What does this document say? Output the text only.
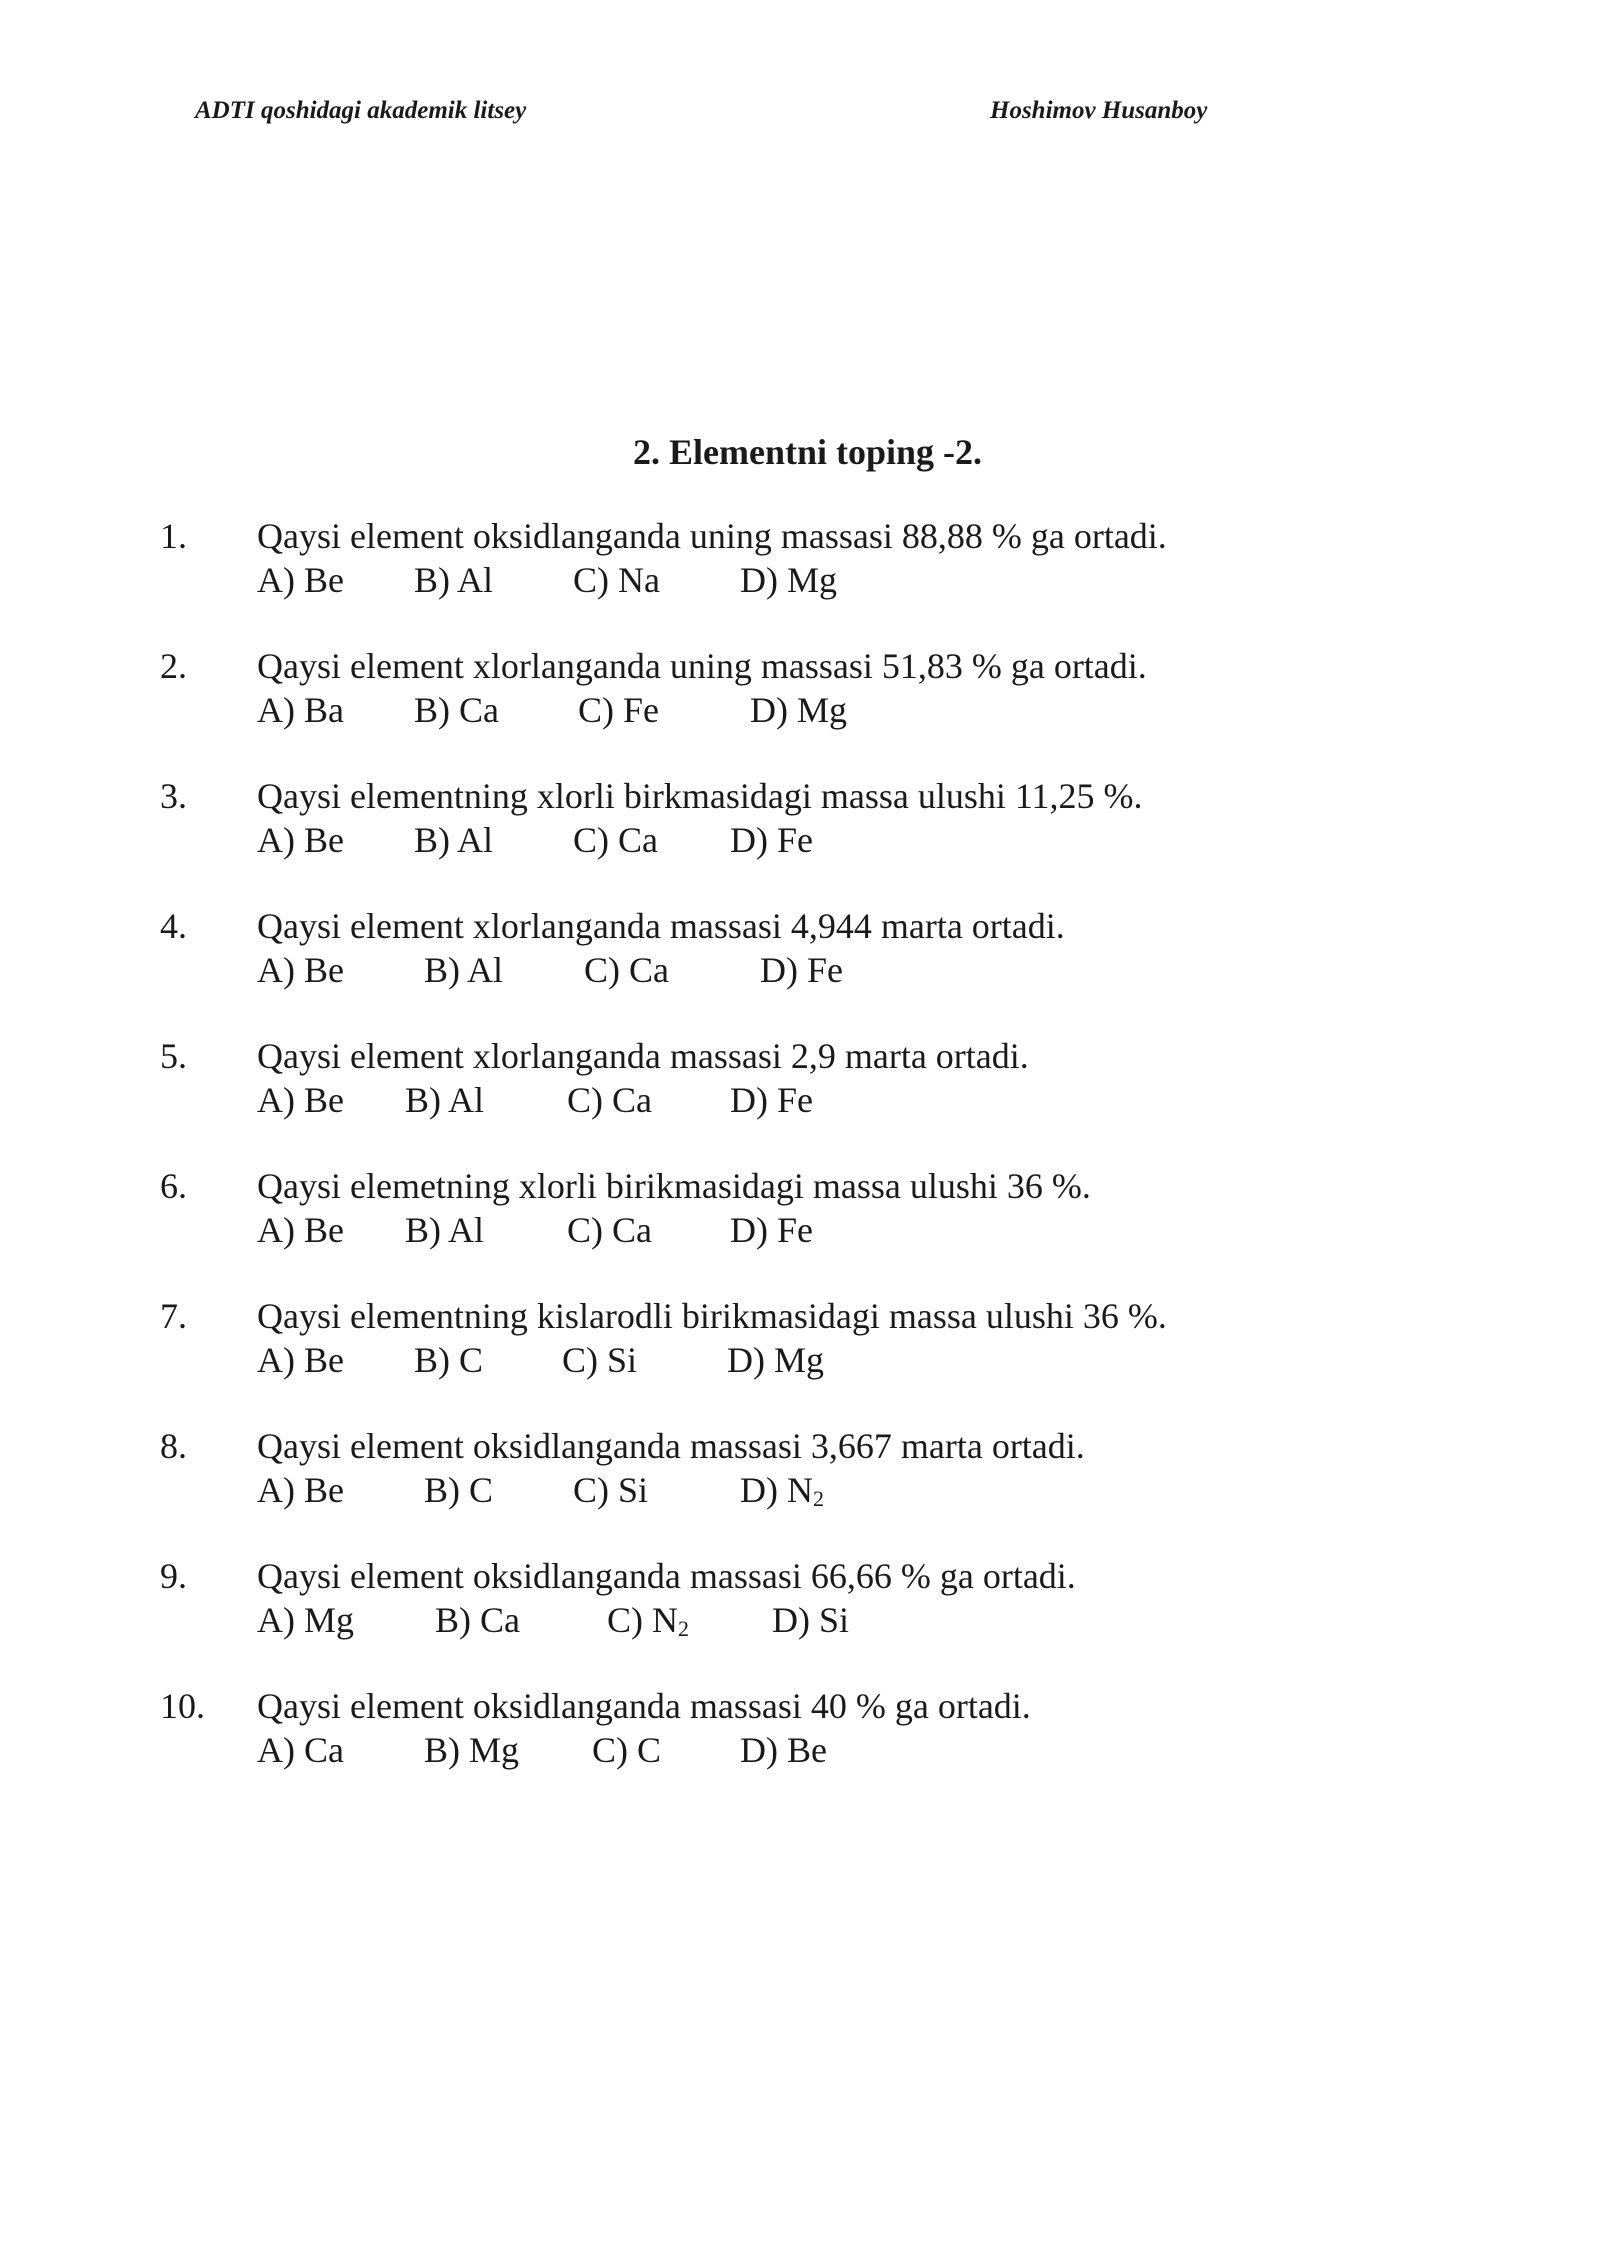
ADTI qoshidagi akademik litsey	Hoshimov Husanboy
2. Elementni toping -2.
1. Qaysi element oksidlanganda uning massasi 88,88 % ga ortadi.
A) Be B) Al C) Na D) Mg
2. Qaysi element xlorlanganda uning massasi 51,83 % ga ortadi.
A) Ba B) Ca C) Fe	D) Mg
3. Qaysi elementning xlorli birkmasidagi massa ulushi 11,25 %.
A) Be B) Al C) Ca D) Fe
4. Qaysi element xlorlanganda massasi 4,944 marta ortadi.
A) Be B) Al C) Ca	D) Fe
5. Qaysi element xlorlanganda massasi 2,9 marta ortadi.
A) Be B) Al C) Ca D) Fe
6. Qaysi elemetning xlorli birikmasidagi massa ulushi 36 %.
A) Be B) Al C) Ca D) Fe
7. Qaysi elementning kislarodli birikmasidagi massa ulushi 36 %.
A) Be B) C C) Si D) Mg
8. Qaysi element oksidlanganda massasi 3,667 marta ortadi.
A) Be B) C C) Si	D) $N_2$
9. Qaysi element oksidlanganda massasi 66,66 % ga ortadi.
A) Mg B) Ca C) $N_2$ D) Si
10. Qaysi element oksidlanganda massasi 40 % ga ortadi.
A) Ca B) Mg C) C D) Be
